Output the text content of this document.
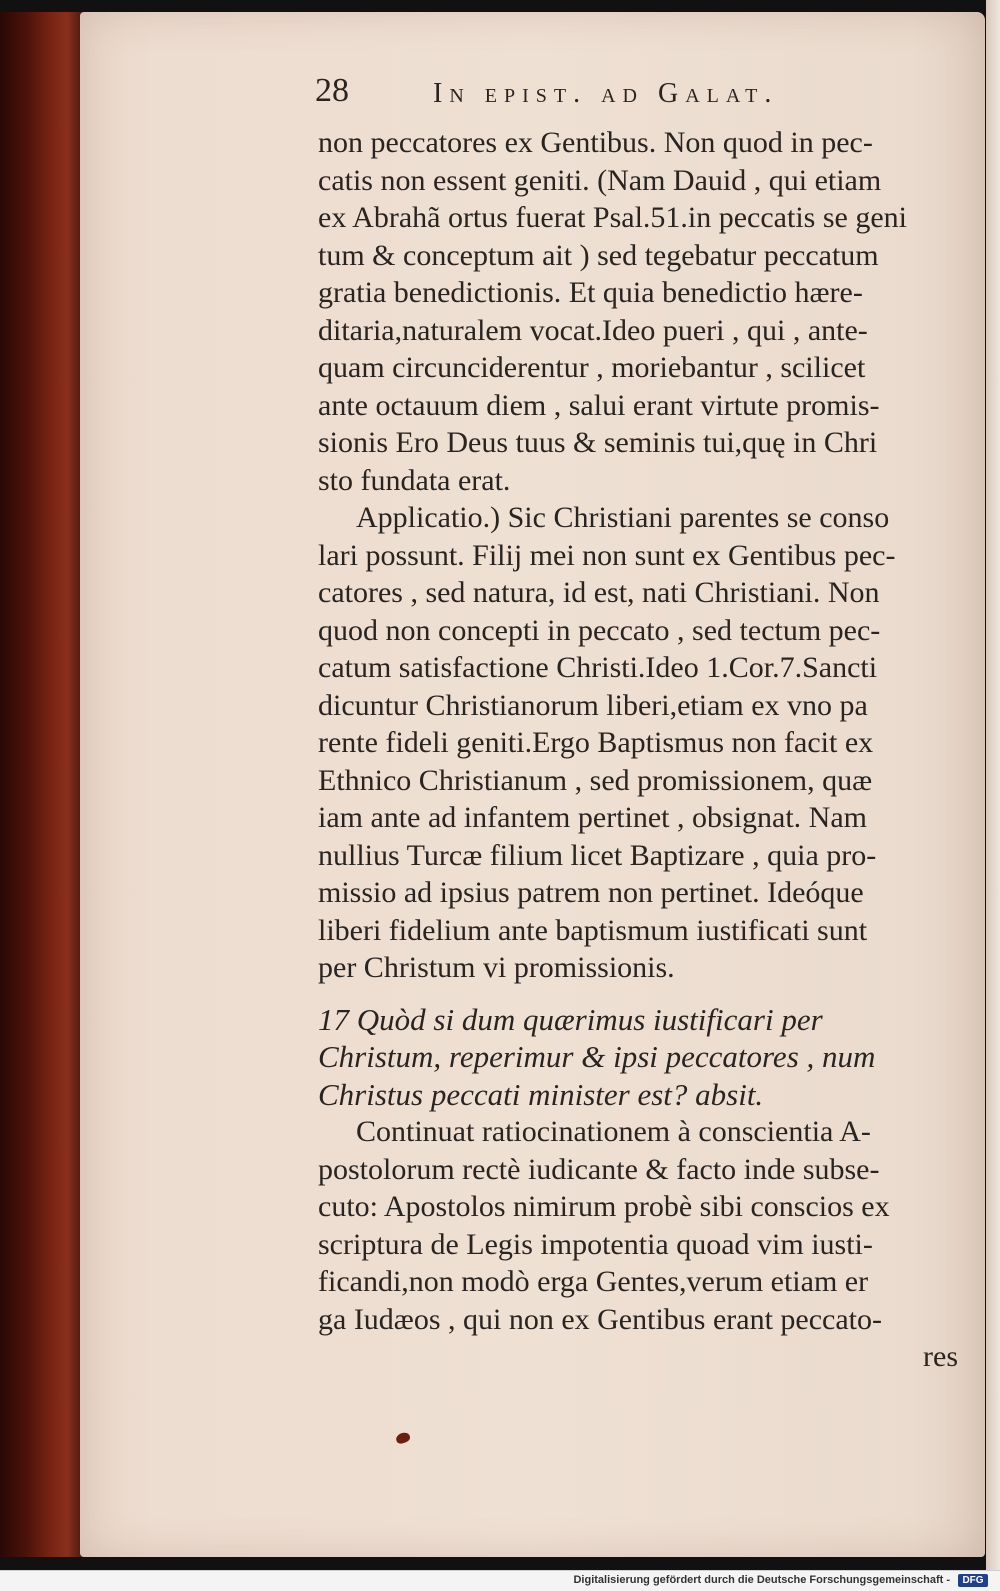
28	In epist. ad Galat.
non peccatores ex Gentibus. Non quod in pec-
catis non essent geniti. (Nam Dauid , qui etiam
ex Abrahã ortus fuerat Psal.51.in peccatis se geni
tum & conceptum ait ) sed tegebatur peccatum
gratia benedictionis. Et quia benedictio hære-
ditaria,naturalem vocat.Ideo pueri , qui , ante-
quam circunciderentur , moriebantur , scilicet
ante octauum diem , salui erant virtute promis-
sionis Ero Deus tuus & seminis tui,quę in Chri
sto fundata erat.
Applicatio.) Sic Christiani parentes se conso
lari possunt. Filij mei non sunt ex Gentibus pec-
catores , sed natura, id est, nati Christiani. Non
quod non concepti in peccato , sed tectum pec-
catum satisfactione Christi.Ideo 1.Cor.7.Sancti
dicuntur Christianorum liberi,etiam ex vno pa
rente fideli geniti.Ergo Baptismus non facit ex
Ethnico Christianum , sed promissionem, quæ
iam ante ad infantem pertinet , obsignat. Nam
nullius Turcæ filium licet Baptizare , quia pro-
missio ad ipsius patrem non pertinet. Ideóque
liberi fidelium ante baptismum iustificati sunt
per Christum vi promissionis.
17 Quòd si dum quærimus iustificari per
Christum, reperimur & ipsi peccatores , num
Christus peccati minister est? absit.
Continuat ratiocinationem à conscientia A-
postolorum rectè iudicante & facto inde subse-
cuto: Apostolos nimirum probè sibi conscios ex
scriptura de Legis impotentia quoad vim iusti-
ficandi,non modò erga Gentes,verum etiam er
ga Iudæos , qui non ex Gentibus erant peccato-
res
Digitalisierung gefördert durch die Deutsche Forschungsgemeinschaft -	DFG
